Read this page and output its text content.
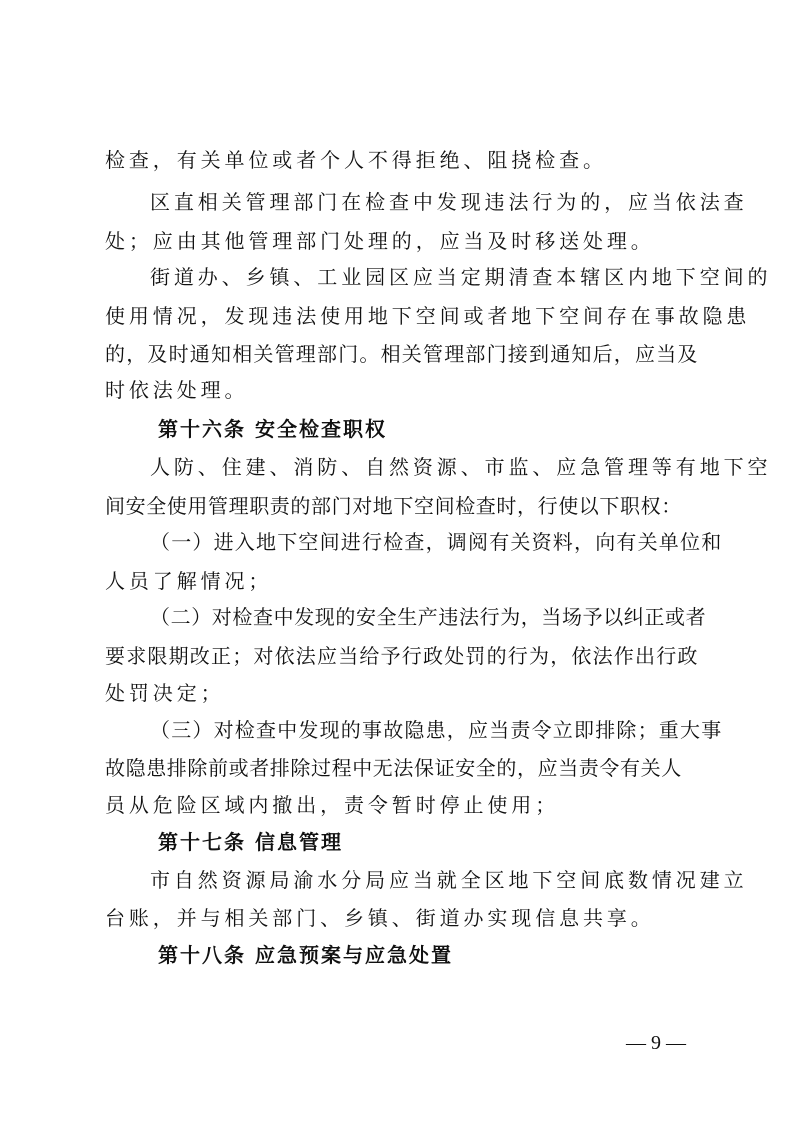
检查，有关单位或者个人不得拒绝、阻挠检查。
区直相关管理部门在检查中发现违法行为的，应当依法查
处；应由其他管理部门处理的，应当及时移送处理。
街道办、乡镇、工业园区应当定期清查本辖区内地下空间的
使用情况，发现违法使用地下空间或者地下空间存在事故隐患
的，及时通知相关管理部门。相关管理部门接到通知后，应当及
时依法处理。
第十六条 安全检查职权
人防、住建、消防、自然资源、市监、应急管理等有地下空
间安全使用管理职责的部门对地下空间检查时，行使以下职权：
（一）进入地下空间进行检查，调阅有关资料，向有关单位和
人员了解情况；
（二）对检查中发现的安全生产违法行为，当场予以纠正或者
要求限期改正；对依法应当给予行政处罚的行为，依法作出行政
处罚决定；
（三）对检查中发现的事故隐患，应当责令立即排除；重大事
故隐患排除前或者排除过程中无法保证安全的，应当责令有关人
员从危险区域内撤出，责令暂时停止使用；
第十七条 信息管理
市自然资源局渝水分局应当就全区地下空间底数情况建立
台账，并与相关部门、乡镇、街道办实现信息共享。
第十八条 应急预案与应急处置
— 9 —
